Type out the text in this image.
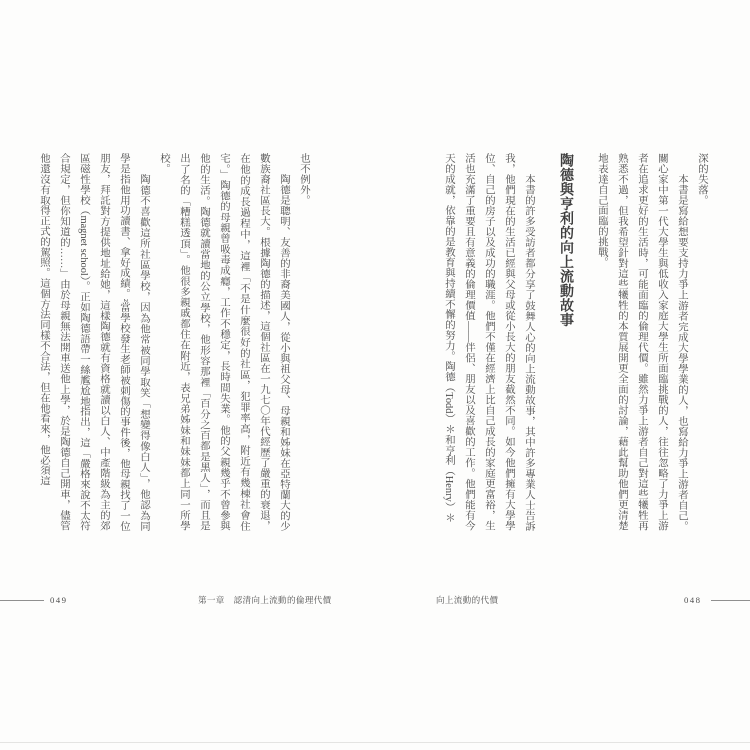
深的失落。

本書是寫給想要支持力爭上游者完成大學學業的人，也寫給力爭上游者自己。關心家中第一代大學生與低收入家庭大學生所面臨挑戰的人，往往忽略了力爭上游者在追求更好的生活時，可能面臨的倫理代價。雖然力爭上游者自己對這些犧牲再熟悉不過，但我希望針對這些犧牲的本質展開更全面的討論，藉此幫助他們更清楚地表達自己面臨的挑戰。

陶德與亨利的向上流動故事

本書的許多受訪者都分享了鼓舞人心的向上流動故事，其中許多專業人士告訴我，他們現在的生活已經與父母或從小長大的朋友截然不同。如今他們擁有大學學位、自己的房子以及成功的職涯。他們不僅在經濟上比自己成長的家庭更富裕，生活也充滿了重要且有意義的倫理價值——伴侶、朋友以及喜歡的工作。他們能有今天的成就，依靠的是教育與持續不懈的努力。陶德（Todd）＊和亨利（Henry）＊

也不例外。

陶德是聰明、友善的非裔美國人，從小與祖父母、母親和姊妹在亞特蘭大的少數族裔社區長大。根據陶德的描述，這個社區在一九七〇年代經歷了嚴重的衰退，在他的成長過程中，這裡「不是什麼很好的社區，犯罪率高，附近有幾棟社會住宅。」陶德的母親曾吸毒成癮，工作不穩定，長時間失業。他的父親幾乎不曾參與他的生活。陶德就讀當地的公立學校，他形容那裡「百分之百都是黑人」，而且是出了名的「糟糕透頂」。他很多親戚都住在附近，表兄弟姊妹和妹妹都上同一所學校。

陶德不喜歡這所社區學校，因為他常被同學取笑「想變得像白人」，他認為同學是指他用功讀書、拿好成績。²當學校發生老師被刺傷的事件後，他母親找了一位朋友，拜託對方提供地址給她，這樣陶德就有資格就讀以白人、中產階級為主的郊區磁性學校（magnet school）。正如陶德語帶一絲尷尬地指出，這「嚴格來說不太符合規定，但你知道的……」由於母親無法開車送他上學，於是陶德自己開車，儘管他還沒有取得正式的駕照。這個方法同樣不合法，但在他看來，他必須這

049	第一章　認清向上流動的倫理代價	向上流動的代價	048
